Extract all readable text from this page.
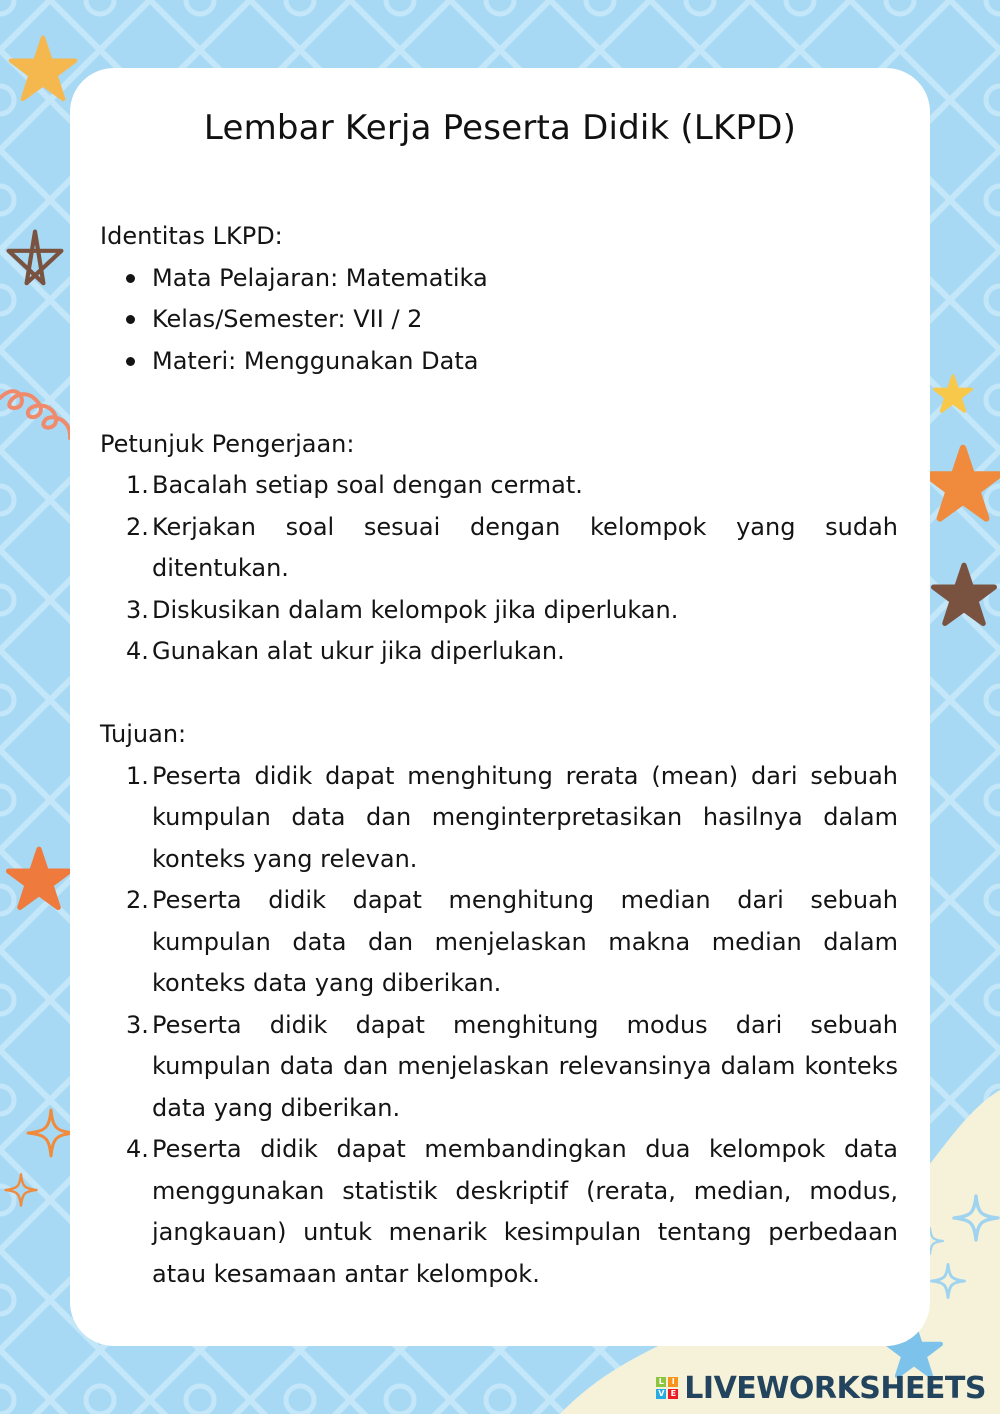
Lembar Kerja Peserta Didik (LKPD)
Identitas LKPD:
Mata Pelajaran: Matematika
Kelas/Semester: VII / 2
Materi: Menggunakan Data
Petunjuk Pengerjaan:
1. Bacalah setiap soal dengan cermat.
2. Kerjakan soal sesuai dengan kelompok yang sudah ditentukan.
3. Diskusikan dalam kelompok jika diperlukan.
4. Gunakan alat ukur jika diperlukan.
Tujuan:
1. Peserta didik dapat menghitung rerata (mean) dari sebuah kumpulan data dan menginterpretasikan hasilnya dalam konteks yang relevan.
2. Peserta didik dapat menghitung median dari sebuah kumpulan data dan menjelaskan makna median dalam konteks data yang diberikan.
3. Peserta didik dapat menghitung modus dari sebuah kumpulan data dan menjelaskan relevansinya dalam konteks data yang diberikan.
4. Peserta didik dapat membandingkan dua kelompok data menggunakan statistik deskriptif (rerata, median, modus, jangkauan) untuk menarik kesimpulan tentang perbedaan atau kesamaan antar kelompok.
L I
V E LIVEWORKSHEETS
